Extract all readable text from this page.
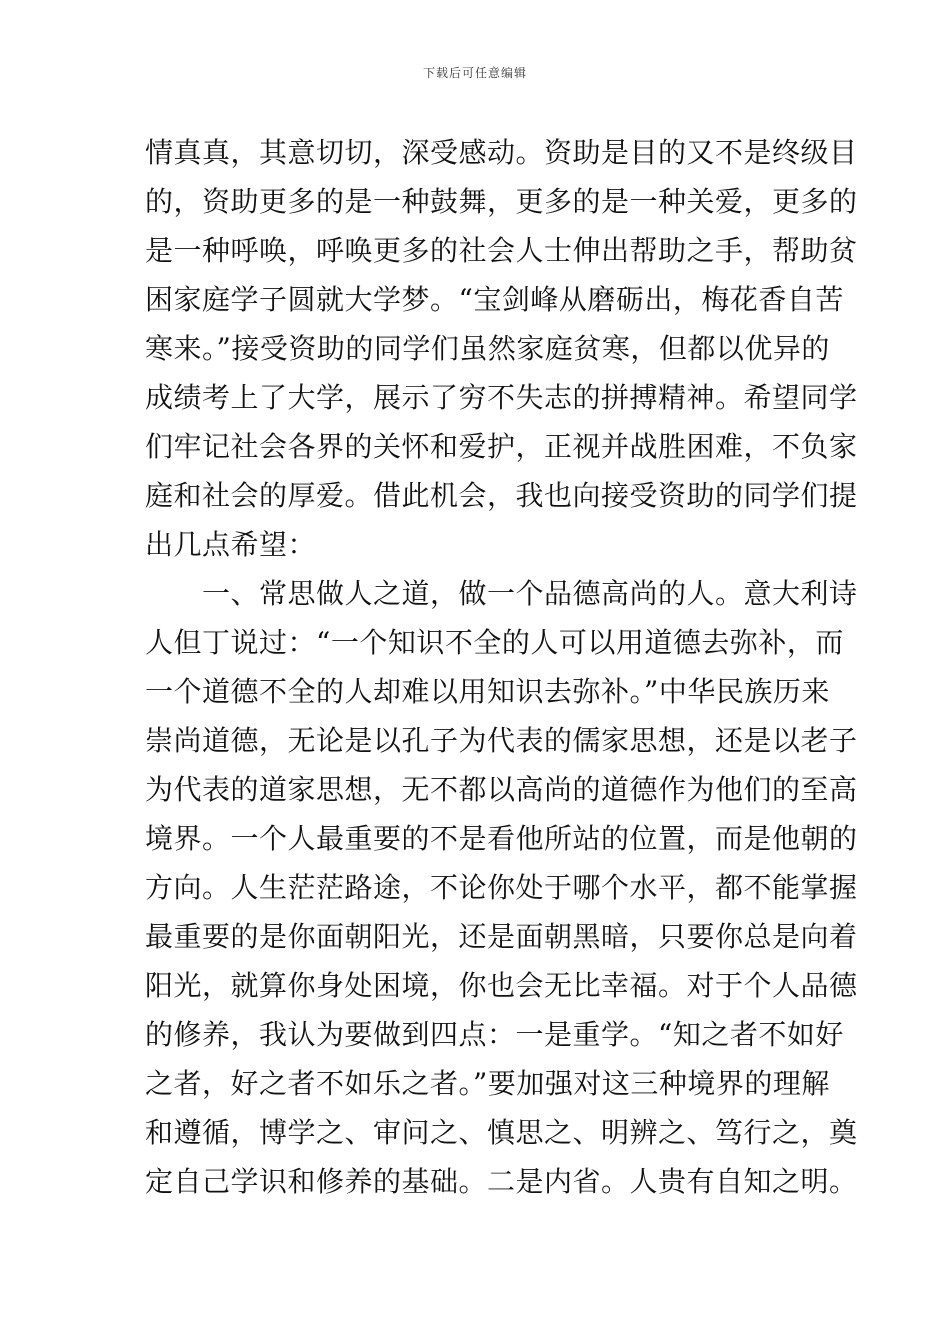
下载后可任意编辑
情真真，其意切切，深受感动。资助是目的又不是终级目
的，资助更多的是一种鼓舞，更多的是一种关爱，更多的
是一种呼唤，呼唤更多的社会人士伸出帮助之手，帮助贫
困家庭学子圆就大学梦。“宝剑峰从磨砺出，梅花香自苦
寒来。”接受资助的同学们虽然家庭贫寒，但都以优异的
成绩考上了大学，展示了穷不失志的拼搏精神。希望同学
们牢记社会各界的关怀和爱护，正视并战胜困难，不负家
庭和社会的厚爱。借此机会，我也向接受资助的同学们提
出几点希望：
　　一、常思做人之道，做一个品德高尚的人。意大利诗
人但丁说过：“一个知识不全的人可以用道德去弥补，而
一个道德不全的人却难以用知识去弥补。”中华民族历来
崇尚道德，无论是以孔子为代表的儒家思想，还是以老子
为代表的道家思想，无不都以高尚的道德作为他们的至高
境界。一个人最重要的不是看他所站的位置，而是他朝的
方向。人生茫茫路途，不论你处于哪个水平，都不能掌握
最重要的是你面朝阳光，还是面朝黑暗，只要你总是向着
阳光，就算你身处困境，你也会无比幸福。对于个人品德
的修养，我认为要做到四点：一是重学。“知之者不如好
之者，好之者不如乐之者。”要加强对这三种境界的理解
和遵循，博学之、审问之、慎思之、明辨之、笃行之，奠
定自己学识和修养的基础。二是内省。人贵有自知之明。
